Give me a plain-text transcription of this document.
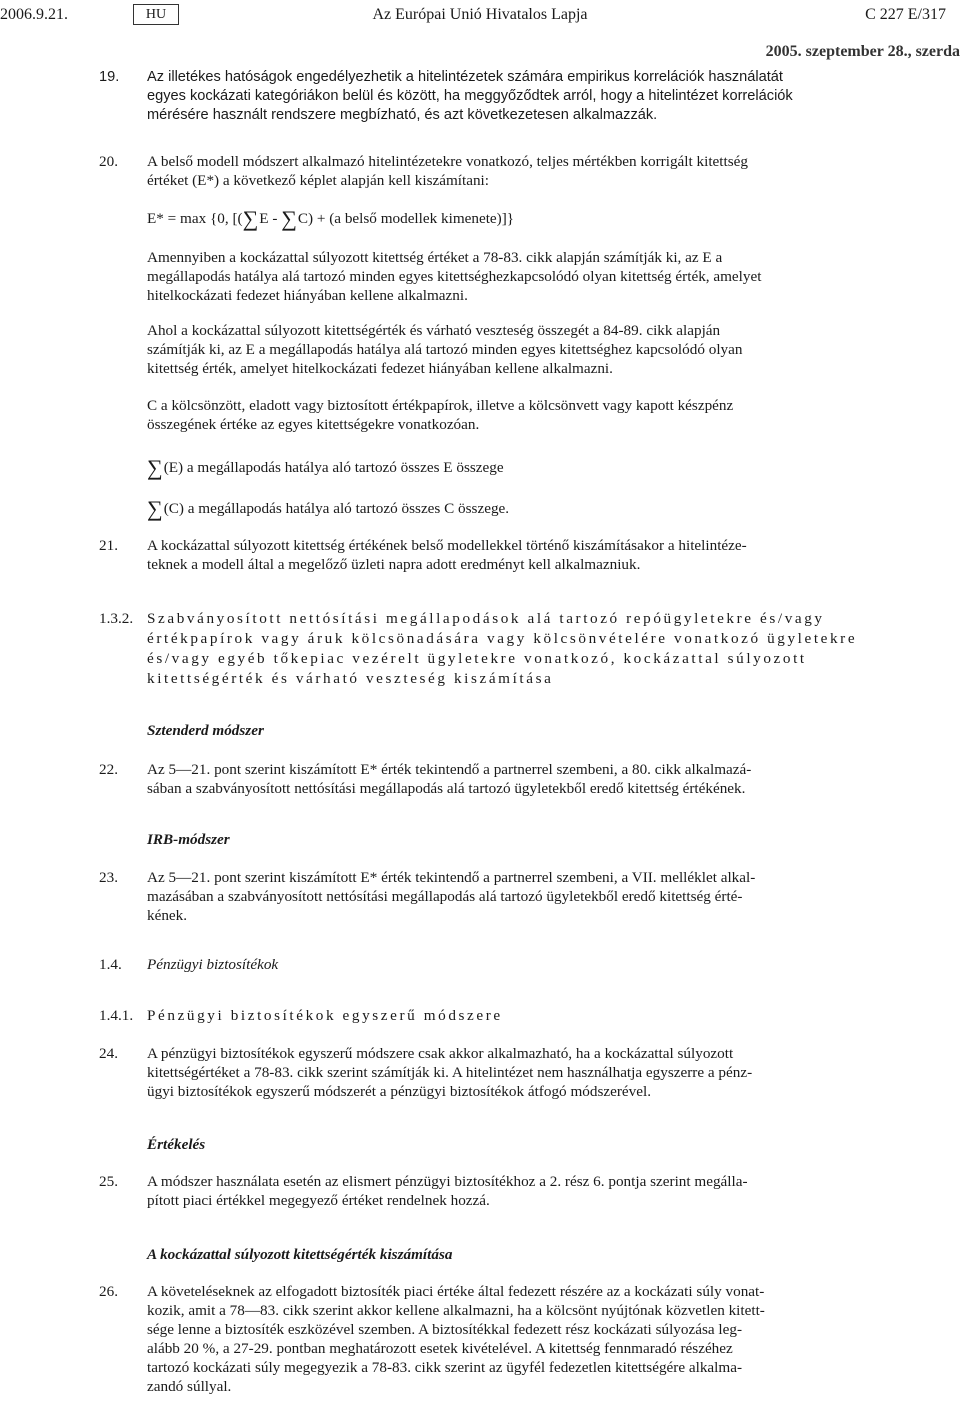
2006.9.21.	HU	Az Európai Unió Hivatalos Lapja	C 227 E/317
2005. szeptember 28., szerda
19. Az illetékes hatóságok engedélyezhetik a hitelintézetek számára empirikus korrelációk használatát
egyes kockázati kategóriákon belül és között, ha meggyőződtek arról, hogy a hitelintézet korrelációk
mérésére használt rendszere megbízható, és azt következetesen alkalmazzák.
20. A belső modell módszert alkalmazó hitelintézetekre vonatkozó, teljes mértékben korrigált kitettség
értéket (E*) a következő képlet alapján kell kiszámítani:
E* = max {0, [(∑E - ∑C) + (a belső modellek kimenete)]}
Amennyiben a kockázattal súlyozott kitettség értéket a 78-83. cikk alapján számítják ki, az E a
megállapodás hatálya alá tartozó minden egyes kitettséghezkapcsolódó olyan kitettség érték, amelyet
hitelkockázati fedezet hiányában kellene alkalmazni.
Ahol a kockázattal súlyozott kitettségérték és várható veszteség összegét a 84-89. cikk alapján
számítják ki, az E a megállapodás hatálya alá tartozó minden egyes kitettséghez kapcsolódó olyan
kitettség érték, amelyet hitelkockázati fedezet hiányában kellene alkalmazni.
C a kölcsönzött, eladott vagy biztosított értékpapírok, illetve a kölcsönvett vagy kapott készpénz
összegének értéke az egyes kitettségekre vonatkozóan.
∑(E) a megállapodás hatálya aló tartozó összes E összege
∑(C) a megállapodás hatálya aló tartozó összes C összege.
21. A kockázattal súlyozott kitettség értékének belső modellekkel történő kiszámításakor a hitelintéze-
teknek a modell által a megelőző üzleti napra adott eredményt kell alkalmazniuk.
1.3.2. Szabványosított nettósítási megállapodások alá tartozó repóügyletekre és/vagy
értékpapírok vagy áruk kölcsönadására vagy kölcsönvételére vonatkozó ügyletekre
és/vagy egyéb tőkepiac vezérelt ügyletekre vonatkozó, kockázattal súlyozott
kitettségérték és várható veszteség kiszámítása
Sztenderd módszer
22. Az 5—21. pont szerint kiszámított E* érték tekintendő a partnerrel szembeni, a 80. cikk alkalmazá-
sában a szabványosított nettósítási megállapodás alá tartozó ügyletekből eredő kitettség értékének.
IRB-módszer
23. Az 5—21. pont szerint kiszámított E* érték tekintendő a partnerrel szembeni, a VII. melléklet alkal-
mazásában a szabványosított nettósítási megállapodás alá tartozó ügyletekből eredő kitettség érté-
kének.
1.4. Pénzügyi biztosítékok
1.4.1. Pénzügyi biztosítékok egyszerű módszere
24. A pénzügyi biztosítékok egyszerű módszere csak akkor alkalmazható, ha a kockázattal súlyozott
kitettségértéket a 78-83. cikk szerint számítják ki. A hitelintézet nem használhatja egyszerre a pénz-
ügyi biztosítékok egyszerű módszerét a pénzügyi biztosítékok átfogó módszerével.
Értékelés
25. A módszer használata esetén az elismert pénzügyi biztosítékhoz a 2. rész 6. pontja szerint megálla-
pított piaci értékkel megegyező értéket rendelnek hozzá.
A kockázattal súlyozott kitettségérték kiszámítása
26. A követeléseknek az elfogadott biztosíték piaci értéke által fedezett részére az a kockázati súly vonat-
kozik, amit a 78—83. cikk szerint akkor kellene alkalmazni, ha a kölcsönt nyújtónak közvetlen kitett-
sége lenne a biztosíték eszközével szemben. A biztosítékkal fedezett rész kockázati súlyozása leg-
alább 20 %, a 27-29. pontban meghatározott esetek kivételével. A kitettség fennmaradó részéhez
tartozó kockázati súly megegyezik a 78-83. cikk szerint az ügyfél fedezetlen kitettségére alkalma-
zandó súllyal.
